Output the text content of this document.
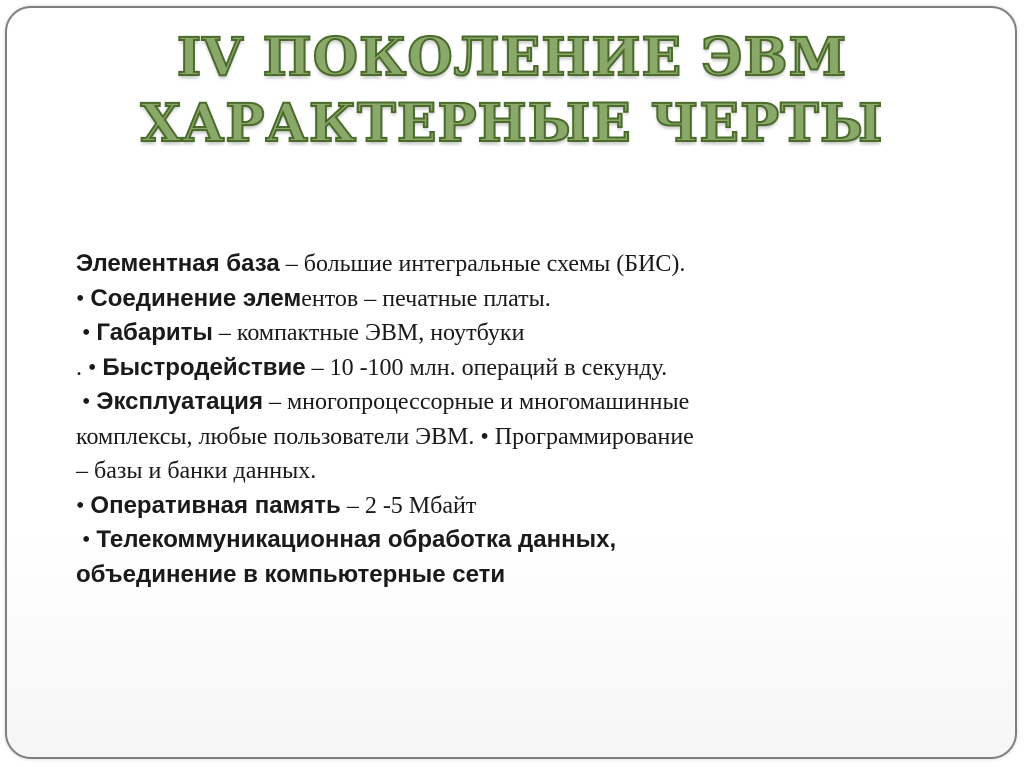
IV ПОКОЛЕНИЕ ЭВМ
ХАРАКТЕРНЫЕ ЧЕРТЫ

Элементная база – большие интегральные схемы (БИС).

• Соединение элементов – печатные платы.

• Габариты – компактные ЭВМ, ноутбуки

. • Быстродействие – 10 -100 млн. операций в секунду.

• Эксплуатация – многопроцессорные и многомашинные

комплексы, любые пользователи ЭВМ. • Программирование

– базы и банки данных.

• Оперативная память – 2 -5 Мбайт

• Телекоммуникационная обработка данных,

объединение в компьютерные сети
